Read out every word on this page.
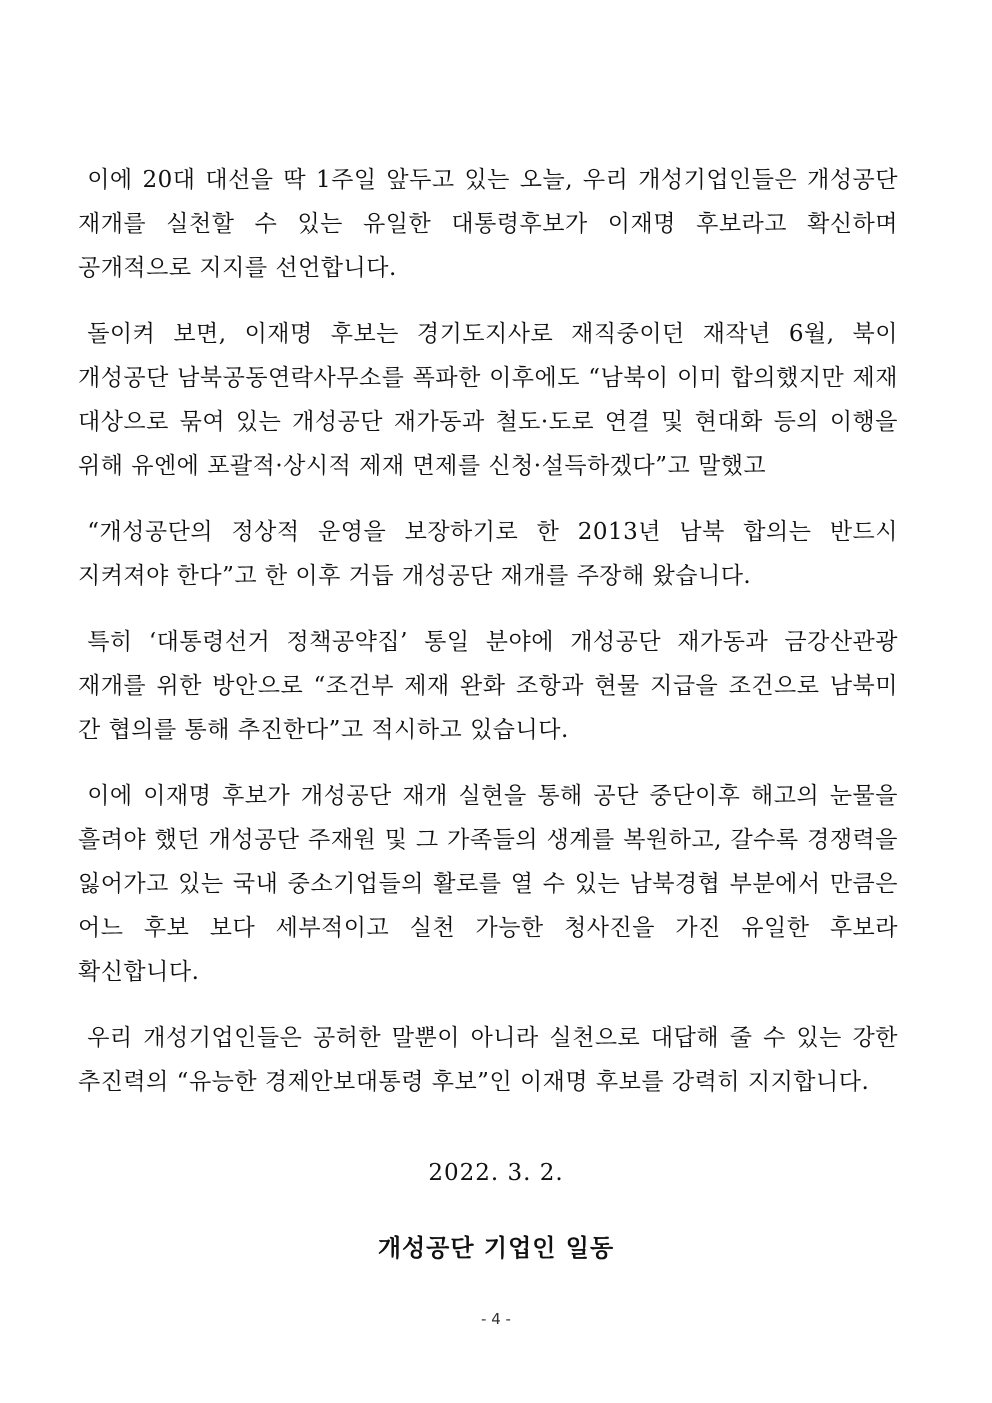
이에 20대 대선을 딱 1주일 앞두고 있는 오늘, 우리 개성기업인들은 개성공단 재개를 실천할 수 있는 유일한 대통령후보가 이재명 후보라고 확신하며 공개적으로 지지를 선언합니다.

돌이켜 보면, 이재명 후보는 경기도지사로 재직중이던 재작년 6월, 북이 개성공단 남북공동연락사무소를 폭파한 이후에도 “남북이 이미 합의했지만 제재 대상으로 묶여 있는 개성공단 재가동과 철도·도로 연결 및 현대화 등의 이행을 위해 유엔에 포괄적·상시적 제재 면제를 신청·설득하겠다”고 말했고

“개성공단의 정상적 운영을 보장하기로 한 2013년 남북 합의는 반드시 지켜져야 한다”고 한 이후 거듭 개성공단 재개를 주장해 왔습니다.

특히 ‘대통령선거 정책공약집’ 통일 분야에 개성공단 재가동과 금강산관광 재개를 위한 방안으로 “조건부 제재 완화 조항과 현물 지급을 조건으로 남북미 간 협의를 통해 추진한다”고 적시하고 있습니다.

이에 이재명 후보가 개성공단 재개 실현을 통해 공단 중단이후 해고의 눈물을 흘려야 했던 개성공단 주재원 및 그 가족들의 생계를 복원하고, 갈수록 경쟁력을 잃어가고 있는 국내 중소기업들의 활로를 열 수 있는 남북경협 부분에서 만큼은 어느 후보 보다 세부적이고 실천 가능한 청사진을 가진 유일한 후보라 확신합니다.

우리 개성기업인들은 공허한 말뿐이 아니라 실천으로 대답해 줄 수 있는 강한 추진력의 “유능한 경제안보대통령 후보”인 이재명 후보를 강력히 지지합니다.

2022. 3. 2.
개성공단 기업인 일동
- 4 -
